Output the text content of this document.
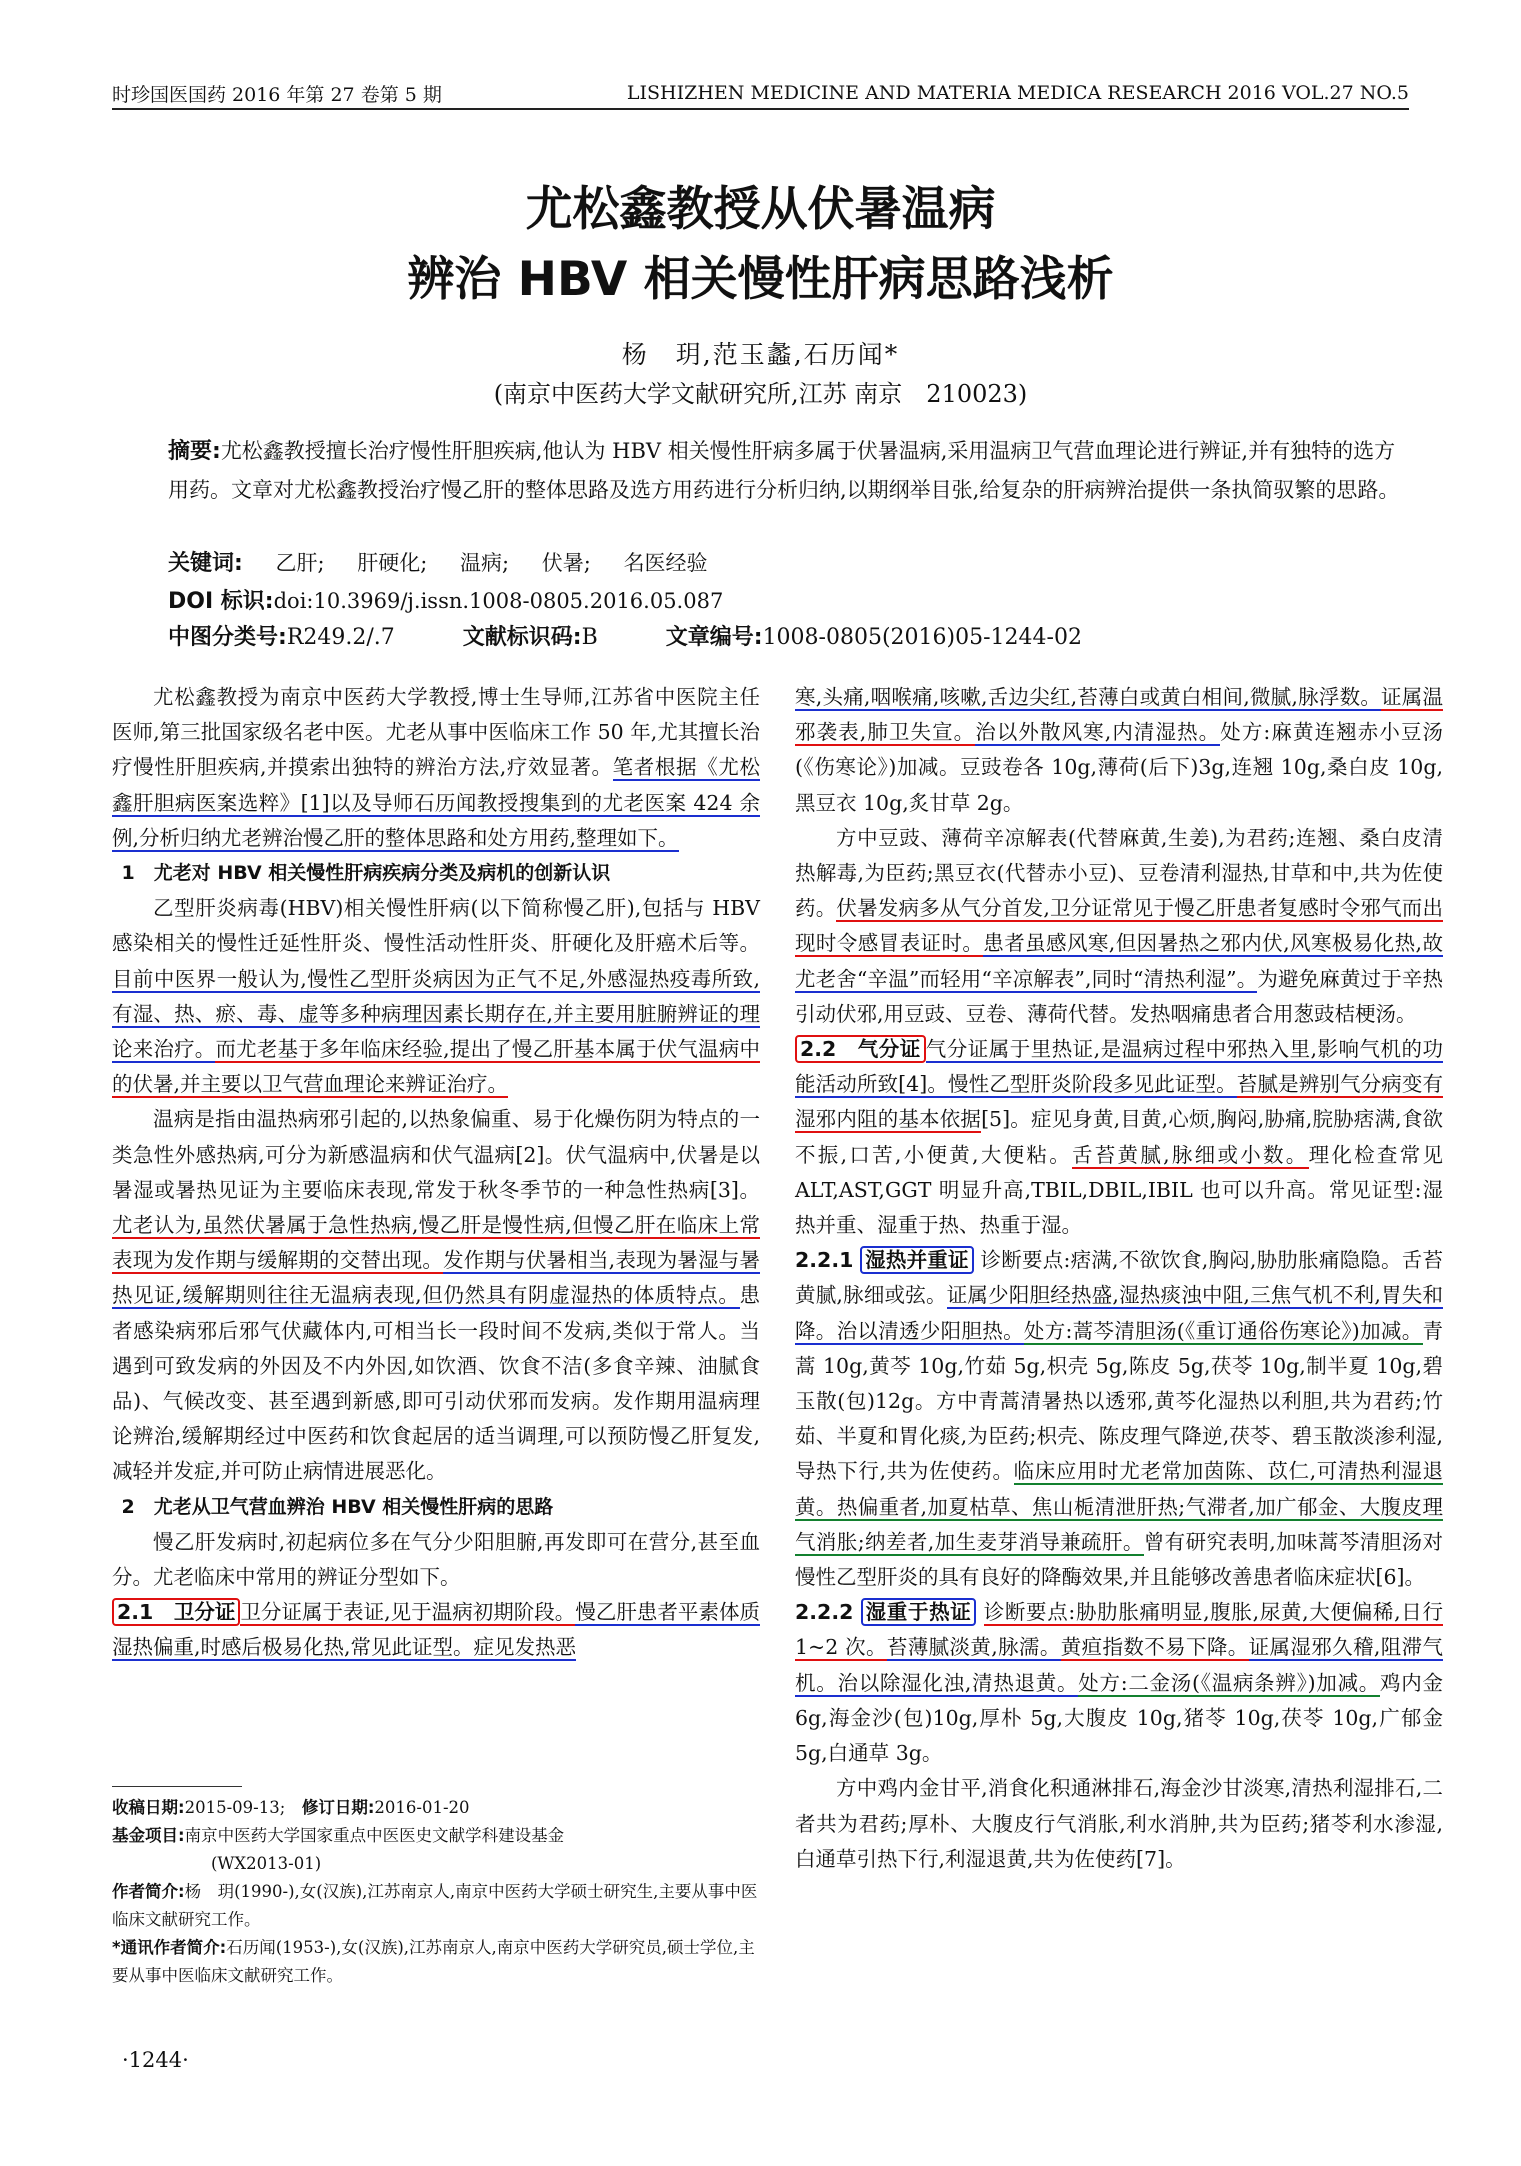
时珍国医国药 2016 年第 27 卷第 5 期	LISHIZHEN MEDICINE AND MATERIA MEDICA RESEARCH 2016 VOL.27 NO.5
尤松鑫教授从伏暑温病
辨治 HBV 相关慢性肝病思路浅析
杨　玥,范玉蠡,石历闻*
(南京中医药大学文献研究所,江苏 南京　210023)
摘要:尤松鑫教授擅长治疗慢性肝胆疾病,他认为 HBV 相关慢性肝病多属于伏暑温病,采用温病卫气营血理论进行辨证,并有独特的选方用药。文章对尤松鑫教授治疗慢乙肝的整体思路及选方用药进行分析归纳,以期纲举目张,给复杂的肝病辨治提供一条执简驭繁的思路。
关键词: 乙肝; 肝硬化; 温病; 伏暑; 名医经验
DOI 标识:doi:10.3969/j.issn.1008-0805.2016.05.087
中图分类号:R249.2/.7	文献标识码:B	文章编号:1008-0805(2016)05-1244-02

尤松鑫教授为南京中医药大学教授,博士生导师,江苏省中医院主任医师,第三批国家级名老中医。尤老从事中医临床工作 50 年,尤其擅长治疗慢性肝胆疾病,并摸索出独特的辨治方法,疗效显著。笔者根据《尤松鑫肝胆病医案选粹》[1]以及导师石历闻教授搜集到的尤老医案 424 余例,分析归纳尤老辨治慢乙肝的整体思路和处方用药,整理如下。

1　尤老对 HBV 相关慢性肝病疾病分类及病机的创新认识

乙型肝炎病毒(HBV)相关慢性肝病(以下简称慢乙肝),包括与 HBV 感染相关的慢性迁延性肝炎、慢性活动性肝炎、肝硬化及肝癌术后等。目前中医界一般认为,慢性乙型肝炎病因为正气不足,外感湿热疫毒所致,有湿、热、瘀、毒、虚等多种病理因素长期存在,并主要用脏腑辨证的理论来治疗。而尤老基于多年临床经验,提出了慢乙肝基本属于伏气温病中的伏暑,并主要以卫气营血理论来辨证治疗。

温病是指由温热病邪引起的,以热象偏重、易于化燥伤阴为特点的一类急性外感热病,可分为新感温病和伏气温病[2]。伏气温病中,伏暑是以暑湿或暑热见证为主要临床表现,常发于秋冬季节的一种急性热病[3]。尤老认为,虽然伏暑属于急性热病,慢乙肝是慢性病,但慢乙肝在临床上常表现为发作期与缓解期的交替出现。发作期与伏暑相当,表现为暑湿与暑热见证,缓解期则往往无温病表现,但仍然具有阴虚湿热的体质特点。患者感染病邪后邪气伏藏体内,可相当长一段时间不发病,类似于常人。当遇到可致发病的外因及不内外因,如饮酒、饮食不洁(多食辛辣、油腻食品)、气候改变、甚至遇到新感,即可引动伏邪而发病。发作期用温病理论辨治,缓解期经过中医药和饮食起居的适当调理,可以预防慢乙肝复发,减轻并发症,并可防止病情进展恶化。

2　尤老从卫气营血辨治 HBV 相关慢性肝病的思路

慢乙肝发病时,初起病位多在气分少阳胆腑,再发即可在营分,甚至血分。尤老临床中常用的辨证分型如下。

2.1　卫分证 卫分证属于表证,见于温病初期阶段。慢乙肝患者平素体质湿热偏重,时感后极易化热,常见此证型。症见发热恶

寒,头痛,咽喉痛,咳嗽,舌边尖红,苔薄白或黄白相间,微腻,脉浮数。证属温邪袭表,肺卫失宣。治以外散风寒,内清湿热。处方:麻黄连翘赤小豆汤(《伤寒论》)加减。豆豉卷各 10g,薄荷(后下)3g,连翘 10g,桑白皮 10g,黑豆衣 10g,炙甘草 2g。

方中豆豉、薄荷辛凉解表(代替麻黄,生姜),为君药;连翘、桑白皮清热解毒,为臣药;黑豆衣(代替赤小豆)、豆卷清利湿热,甘草和中,共为佐使药。伏暑发病多从气分首发,卫分证常见于慢乙肝患者复感时令邪气而出现时令感冒表证时。患者虽感风寒,但因暑热之邪内伏,风寒极易化热,故尤老舍“辛温”而轻用“辛凉解表”,同时“清热利湿”。为避免麻黄过于辛热引动伏邪,用豆豉、豆卷、薄荷代替。发热咽痛患者合用葱豉桔梗汤。

2.2　气分证 气分证属于里热证,是温病过程中邪热入里,影响气机的功能活动所致[4]。慢性乙型肝炎阶段多见此证型。苔腻是辨别气分病变有湿邪内阻的基本依据[5]。症见身黄,目黄,心烦,胸闷,胁痛,脘胁痞满,食欲不振,口苦,小便黄,大便粘。舌苔黄腻,脉细或小数。理化检查常见 ALT,AST,GGT 明显升高,TBIL,DBIL,IBIL 也可以升高。常见证型:湿热并重、湿重于热、热重于湿。

2.2.1 湿热并重证 诊断要点:痞满,不欲饮食,胸闷,胁肋胀痛隐隐。舌苔黄腻,脉细或弦。证属少阳胆经热盛,湿热痰浊中阻,三焦气机不利,胃失和降。治以清透少阳胆热。处方:蒿芩清胆汤(《重订通俗伤寒论》)加减。青蒿 10g,黄芩 10g,竹茹 5g,枳壳 5g,陈皮 5g,茯苓 10g,制半夏 10g,碧玉散(包)12g。方中青蒿清暑热以透邪,黄芩化湿热以利胆,共为君药;竹茹、半夏和胃化痰,为臣药;枳壳、陈皮理气降逆,茯苓、碧玉散淡渗利湿,导热下行,共为佐使药。临床应用时尤老常加茵陈、苡仁,可清热利湿退黄。热偏重者,加夏枯草、焦山栀清泄肝热;气滞者,加广郁金、大腹皮理气消胀;纳差者,加生麦芽消导兼疏肝。曾有研究表明,加味蒿芩清胆汤对慢性乙型肝炎的具有良好的降酶效果,并且能够改善患者临床症状[6]。

2.2.2 湿重于热证 诊断要点:胁肋胀痛明显,腹胀,尿黄,大便偏稀,日行 1~2 次。苔薄腻淡黄,脉濡。黄疸指数不易下降。证属湿邪久稽,阻滞气机。治以除湿化浊,清热退黄。处方:二金汤(《温病条辨》)加减。鸡内金 6g,海金沙(包)10g,厚朴 5g,大腹皮 10g,猪苓 10g,茯苓 10g,广郁金 5g,白通草 3g。

方中鸡内金甘平,消食化积通淋排石,海金沙甘淡寒,清热利湿排石,二者共为君药;厚朴、大腹皮行气消胀,利水消肿,共为臣药;猪苓利水渗湿,白通草引热下行,利湿退黄,共为佐使药[7]。

收稿日期:2015-09-13;　 修订日期:2016-01-20

基金项目:南京中医药大学国家重点中医医史文献学科建设基金

(WX2013-01)

作者简介:杨　玥(1990-),女(汉族),江苏南京人,南京中医药大学硕士研究生,主要从事中医临床文献研究工作。

*通讯作者简介:石历闻(1953-),女(汉族),江苏南京人,南京中医药大学研究员,硕士学位,主要从事中医临床文献研究工作。

·1244·
